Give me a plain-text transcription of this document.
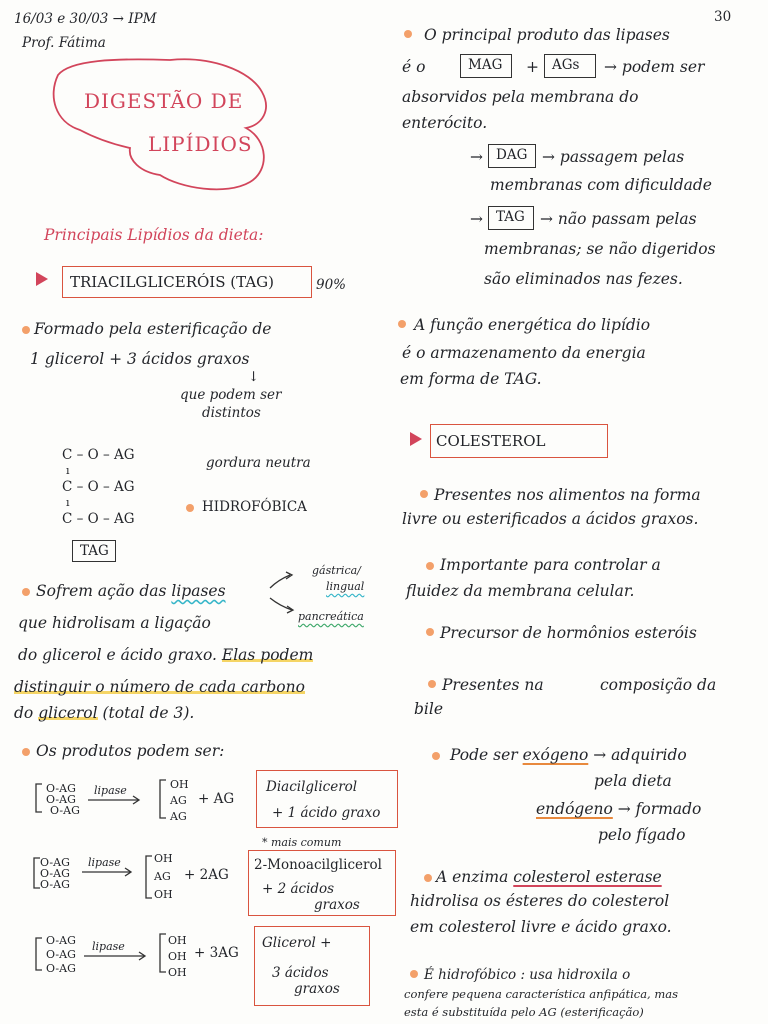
16/03 e 30/03 → IPM
Prof. Fátima
30
DIGESTÃO DE
LIPÍDIOS
Principais Lipídios da dieta:
TRIACILGLICERÓIS (TAG)	90%
Formado pela esterificação de
1 glicerol + 3 ácidos graxos
↓
que podem ser
distintos
C – O – AG
ı
C – O – AG
ı
C – O – AG
gordura neutra
HIDROFÓBICA
TAG
Sofrem ação das lipases
gástrica/
lingual
pancreática
que hidrolisam a ligação
do glicerol e ácido graxo. Elas podem
distinguir o número de cada carbono
do glicerol (total de 3).
Os produtos podem ser:
O-AG
O-AG
O-AG
lipase	OH
AG
AG
+ AG
Diacilglicerol
+ 1 ácido graxo
O-AG
O-AG
O-AG
lipase	OH
AG
OH
+ 2AG
* mais comum
2-Monoacilglicerol
+ 2 ácidos
graxos
O-AG
O-AG
O-AG
lipase	OH
OH
OH
+ 3AG
Glicerol +
3 ácidos
graxos
O principal produto das lipases
é o	MAG + AGs → podem ser
absorvidos pela membrana do
enterócito.
→ DAG → passagem pelas
membranas com dificuldade
→ TAG → não passam pelas
membranas; se não digeridos
são eliminados nas fezes.
A função energética do lipídio
é o armazenamento da energia
em forma de TAG.
COLESTEROL
Presentes nos alimentos na forma
livre ou esterificados a ácidos graxos.
Importante para controlar a
fluidez da membrana celular.
Precursor de hormônios esteróis
Presentes na	composição da
bile
Pode ser exógeno → adquirido
pela dieta
endógeno → formado
pelo fígado
A enzima colesterol esterase
hidrolisa os ésteres do colesterol
em colesterol livre e ácido graxo.
É hidrofóbico : usa hidroxila o
confere pequena característica anfipática, mas
esta é substituída pelo AG (esterificação)
